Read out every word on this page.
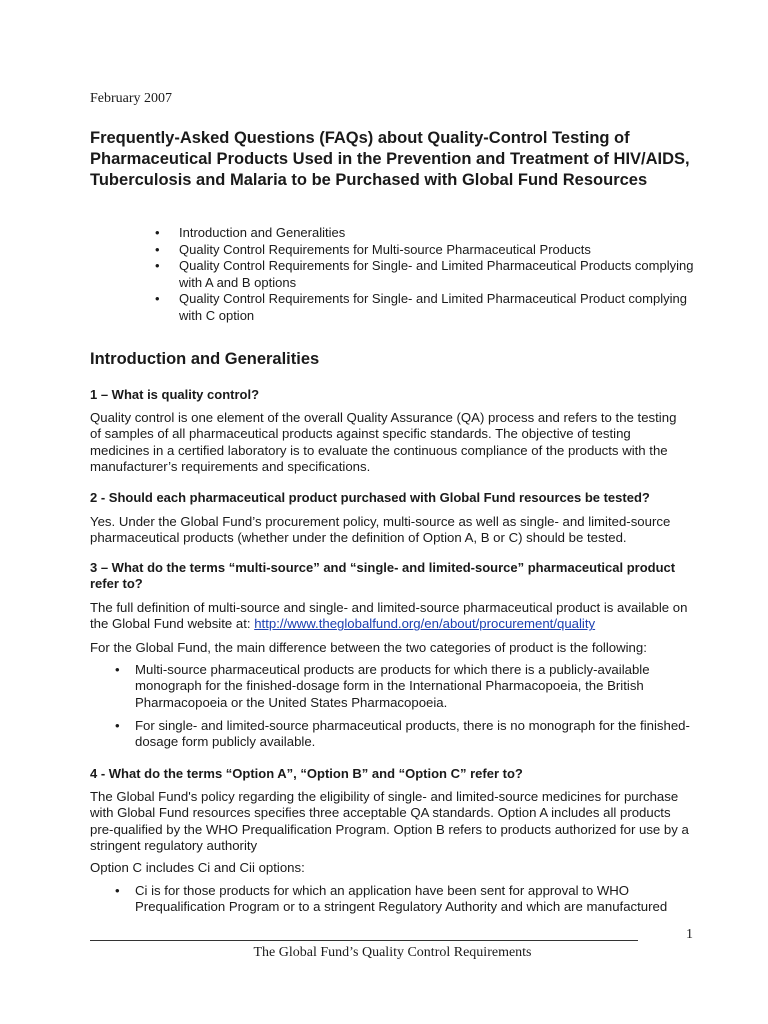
February 2007
Frequently-Asked Questions (FAQs) about Quality-Control Testing of Pharmaceutical Products Used in the Prevention and Treatment of HIV/AIDS, Tuberculosis and Malaria to be Purchased with Global Fund Resources
• Introduction and Generalities
• Quality Control Requirements for Multi-source Pharmaceutical Products
• Quality Control Requirements for Single- and Limited Pharmaceutical Products complying with A and B options
• Quality Control Requirements for Single- and Limited Pharmaceutical Product complying with C option
Introduction and Generalities
1 – What is quality control?
Quality control is one element of the overall Quality Assurance (QA) process and refers to the testing of samples of all pharmaceutical products against specific standards. The objective of testing medicines in a certified laboratory is to evaluate the continuous compliance of the products with the manufacturer’s requirements and specifications.
2 - Should each pharmaceutical product purchased with Global Fund resources be tested?
Yes. Under the Global Fund’s procurement policy, multi-source as well as single- and limited-source pharmaceutical products (whether under the definition of Option A, B or C) should be tested.
3 – What do the terms “multi-source” and “single- and limited-source” pharmaceutical product refer to?
The full definition of multi-source and single- and limited-source pharmaceutical product is available on the Global Fund website at: http://www.theglobalfund.org/en/about/procurement/quality
For the Global Fund, the main difference between the two categories of product is the following:
• Multi-source pharmaceutical products are products for which there is a publicly-available monograph for the finished-dosage form in the International Pharmacopoeia, the British Pharmacopoeia or the United States Pharmacopoeia.
• For single- and limited-source pharmaceutical products, there is no monograph for the finished-dosage form publicly available.
4 - What do the terms “Option A”, “Option B” and “Option C” refer to?
The Global Fund's policy regarding the eligibility of single- and limited-source medicines for purchase with Global Fund resources specifies three acceptable QA standards. Option A includes all products pre-qualified by the WHO Prequalification Program. Option B refers to products authorized for use by a stringent regulatory authority
Option C includes Ci and Cii options:
• Ci is for those products for which an application have been sent for approval to WHO Prequalification Program or to a stringent Regulatory Authority and which are manufactured
1
The Global Fund’s Quality Control Requirements
